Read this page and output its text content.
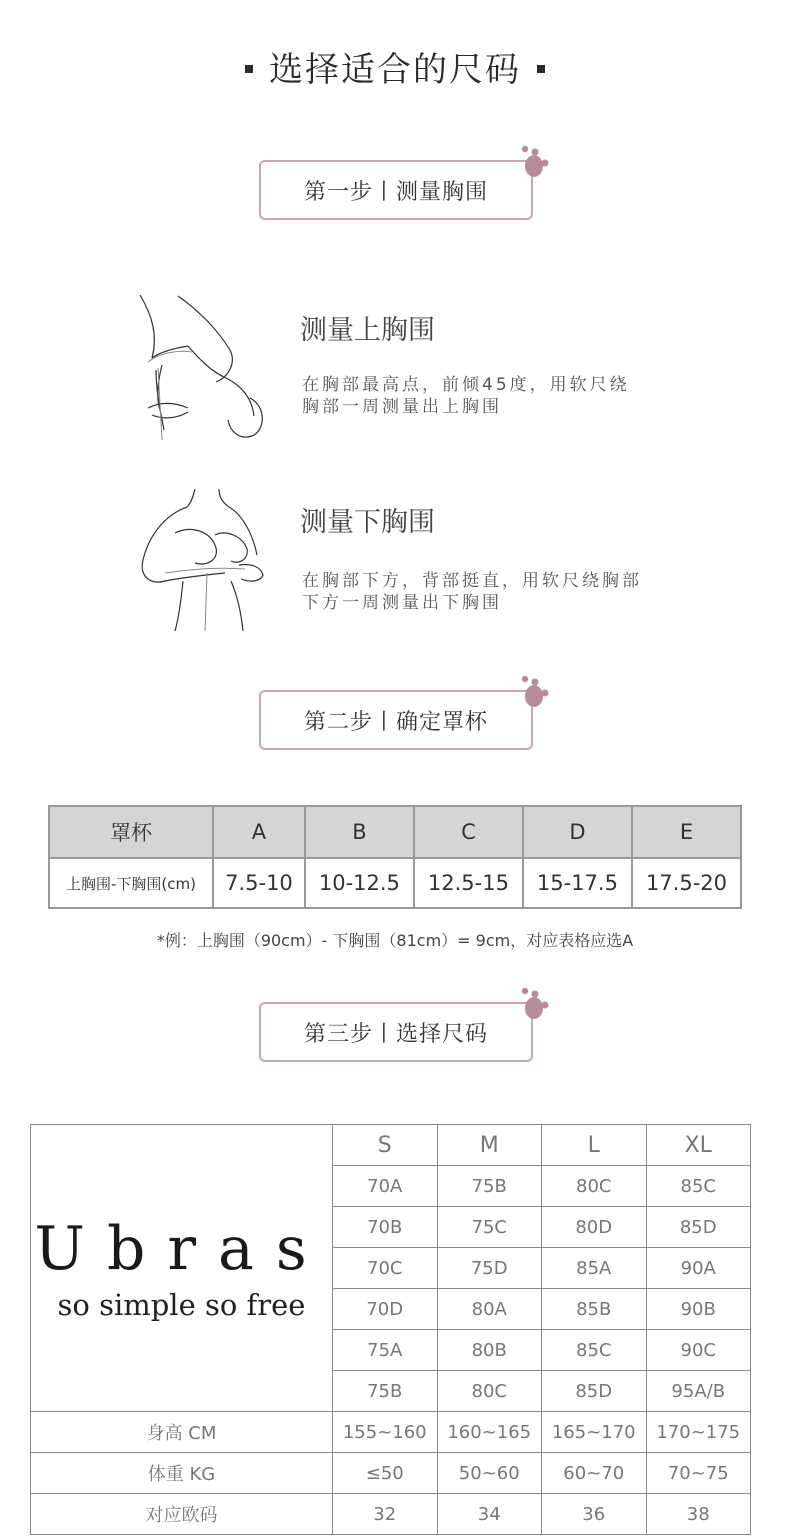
选择适合的尺码
第一步丨测量胸围
测量上胸围
在胸部最高点，前倾45度，用软尺绕
胸部一周测量出上胸围
测量下胸围
在胸部下方，背部挺直，用软尺绕胸部
下方一周测量出下胸围
第二步丨确定罩杯
罩杯	A	B	C	D	E
上胸围-下胸围(cm)	7.5-10	10-12.5	12.5-15	15-17.5	17.5-20
*例：上胸围（90cm）- 下胸围（81cm）= 9cm，对应表格应选A
第三步丨选择尺码
Ubras
so simple so free	S	M	L	XL
	70A	75B	80C	85C
	70B	75C	80D	85D
	70C	75D	85A	90A
	70D	80A	85B	90B
	75A	80B	85C	90C
	75B	80C	85D	95A/B
身高 CM	155~160	160~165	165~170	170~175
体重 KG	≤50	50~60	60~70	70~75
对应欧码	32	34	36	38
